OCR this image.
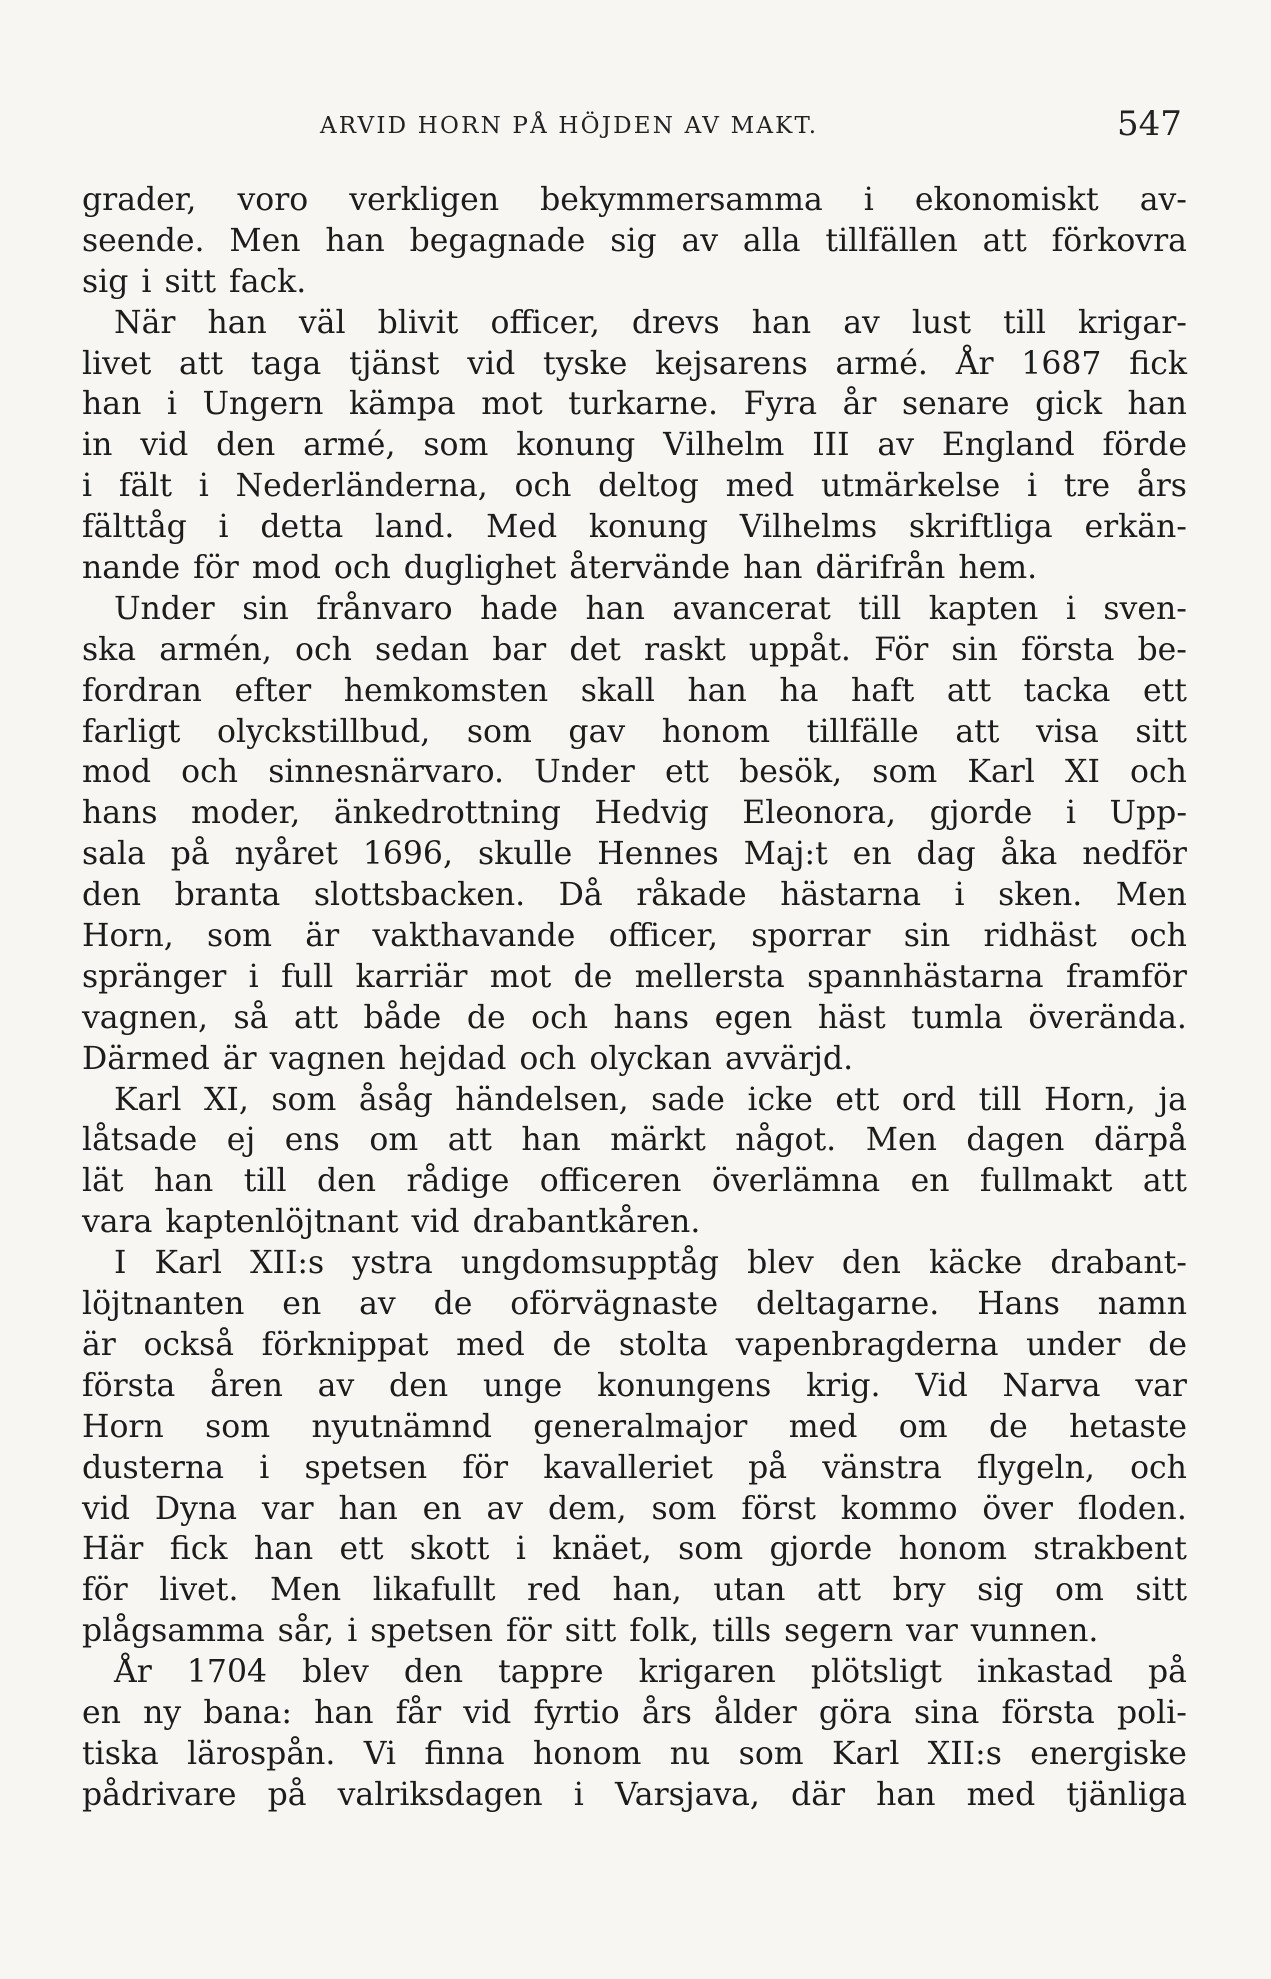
ARVID HORN PÅ HÖJDEN AV MAKT.	547
grader, voro verkligen bekymmersamma i ekonomiskt av-
seende. Men han begagnade sig av alla tillfällen att förkovra
sig i sitt fack.
När han väl blivit officer, drevs han av lust till krigar-
livet att taga tjänst vid tyske kejsarens armé. År 1687 fick
han i Ungern kämpa mot turkarne. Fyra år senare gick han
in vid den armé, som konung Vilhelm III av England förde
i fält i Nederländerna, och deltog med utmärkelse i tre års
fälttåg i detta land. Med konung Vilhelms skriftliga erkän-
nande för mod och duglighet återvände han därifrån hem.
Under sin frånvaro hade han avancerat till kapten i sven-
ska armén, och sedan bar det raskt uppåt. För sin första be-
fordran efter hemkomsten skall han ha haft att tacka ett
farligt olyckstillbud, som gav honom tillfälle att visa sitt
mod och sinnesnärvaro. Under ett besök, som Karl XI och
hans moder, änkedrottning Hedvig Eleonora, gjorde i Upp-
sala på nyåret 1696, skulle Hennes Maj:t en dag åka nedför
den branta slottsbacken. Då råkade hästarna i sken. Men
Horn, som är vakthavande officer, sporrar sin ridhäst och
spränger i full karriär mot de mellersta spannhästarna framför
vagnen, så att både de och hans egen häst tumla överända.
Därmed är vagnen hejdad och olyckan avvärjd.
Karl XI, som åsåg händelsen, sade icke ett ord till Horn, ja
låtsade ej ens om att han märkt något. Men dagen därpå
lät han till den rådige officeren överlämna en fullmakt att
vara kaptenlöjtnant vid drabantkåren.
I Karl XII:s ystra ungdomsupptåg blev den käcke drabant-
löjtnanten en av de oförvägnaste deltagarne. Hans namn
är också förknippat med de stolta vapenbragderna under de
första åren av den unge konungens krig. Vid Narva var
Horn som nyutnämnd generalmajor med om de hetaste
dusterna i spetsen för kavalleriet på vänstra flygeln, och
vid Dyna var han en av dem, som först kommo över floden.
Här fick han ett skott i knäet, som gjorde honom strakbent
för livet. Men likafullt red han, utan att bry sig om sitt
plågsamma sår, i spetsen för sitt folk, tills segern var vunnen.
År 1704 blev den tappre krigaren plötsligt inkastad på
en ny bana: han får vid fyrtio års ålder göra sina första poli-
tiska lärospån. Vi finna honom nu som Karl XII:s energiske
pådrivare på valriksdagen i Varsjava, där han med tjänliga
